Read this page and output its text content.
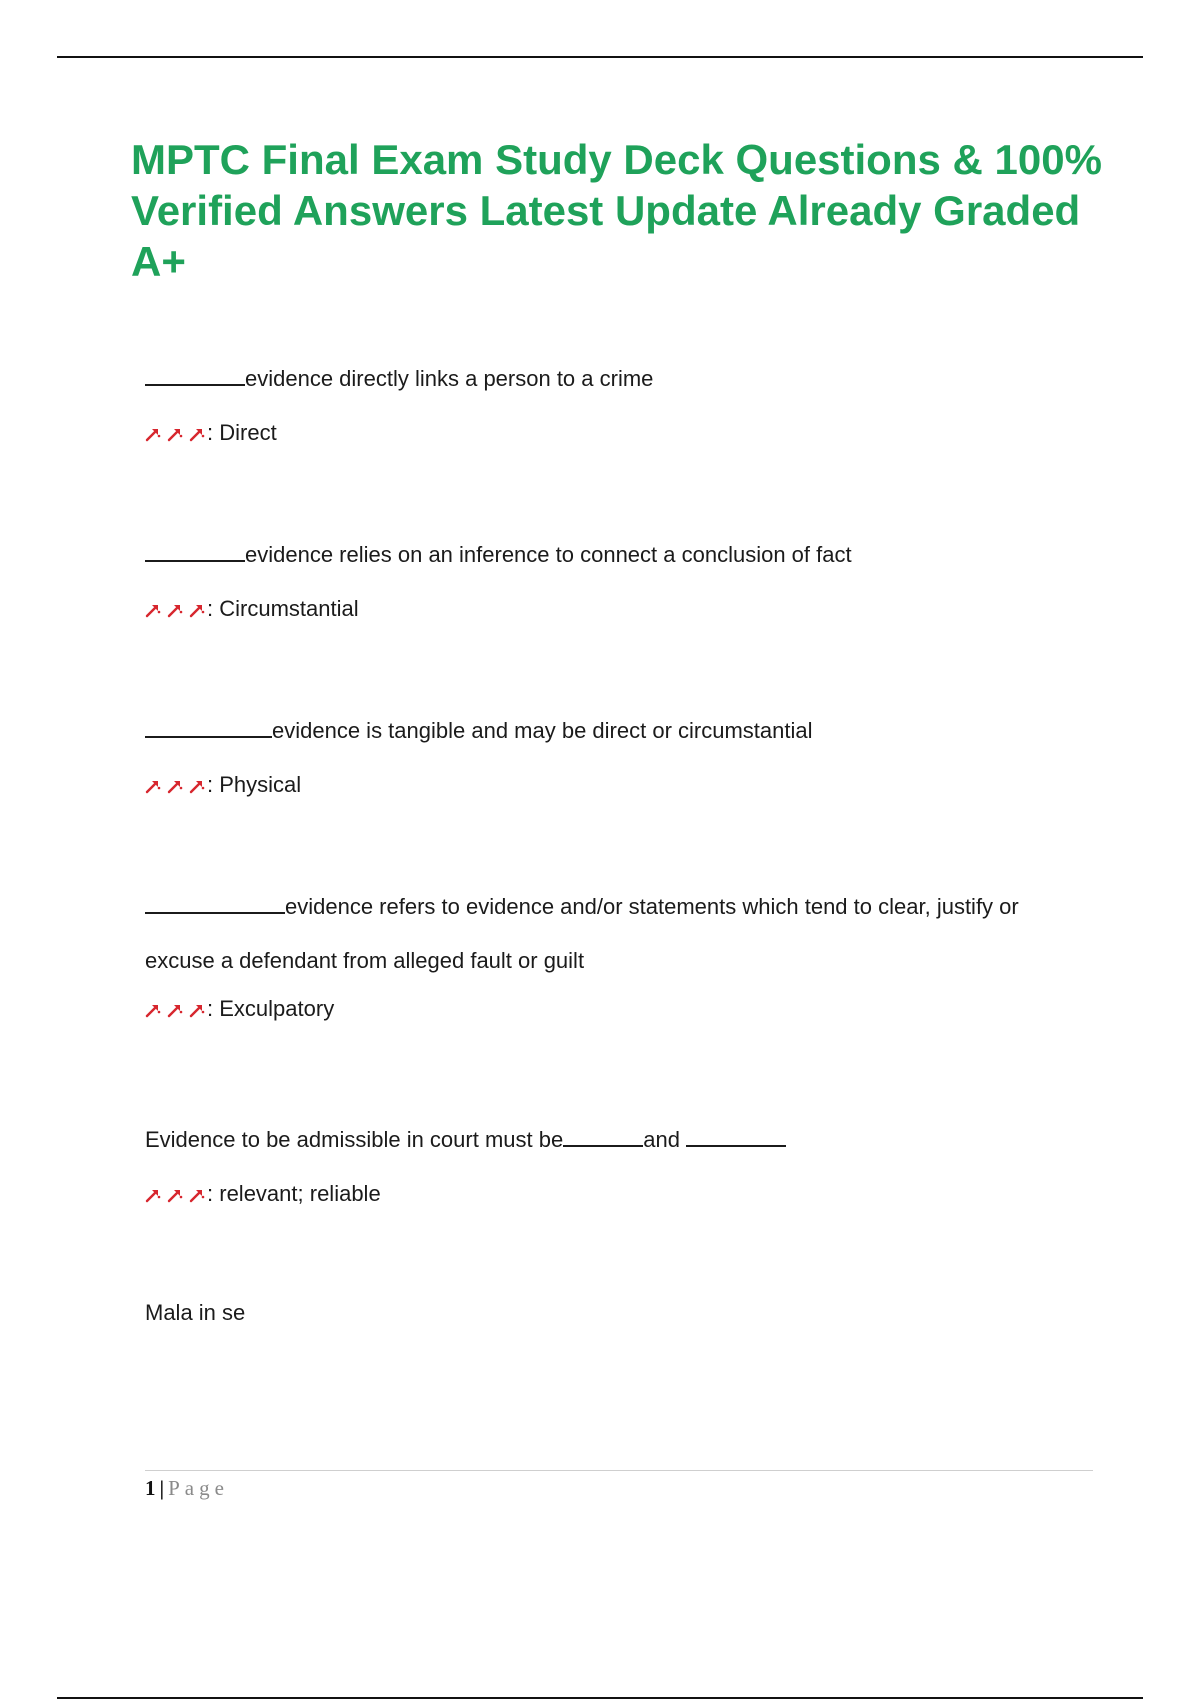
MPTC Final Exam Study Deck Questions & 100% Verified Answers Latest Update Already Graded A+
evidence directly links a person to a crime
: Direct
evidence relies on an inference to connect a conclusion of fact
: Circumstantial
evidence is tangible and may be direct or circumstantial
: Physical
evidence refers to evidence and/or statements which tend to clear, justify or excuse a defendant from alleged fault or guilt
: Exculpatory
Evidence to be admissible in court must be	and
: relevant; reliable
Mala in se
1 | Page
